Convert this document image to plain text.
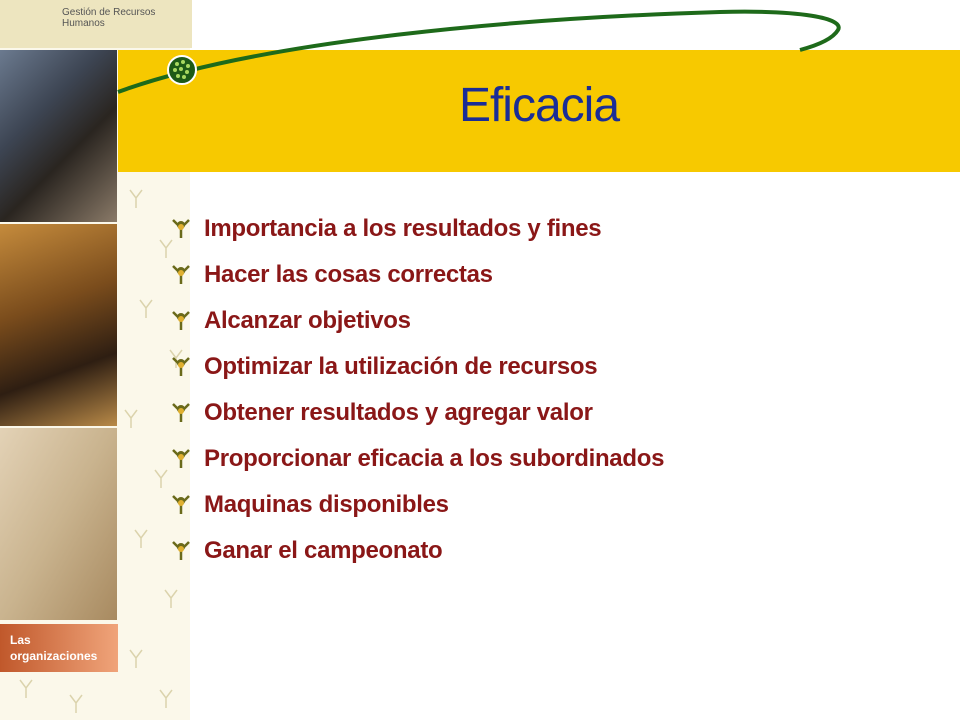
Gestión de Recursos Humanos
Eficacia
Las organizaciones
Importancia a los resultados y fines
Hacer las cosas correctas
Alcanzar objetivos
Optimizar la utilización de recursos
Obtener resultados y agregar valor
Proporcionar eficacia a los subordinados
Maquinas disponibles
Ganar el campeonato
